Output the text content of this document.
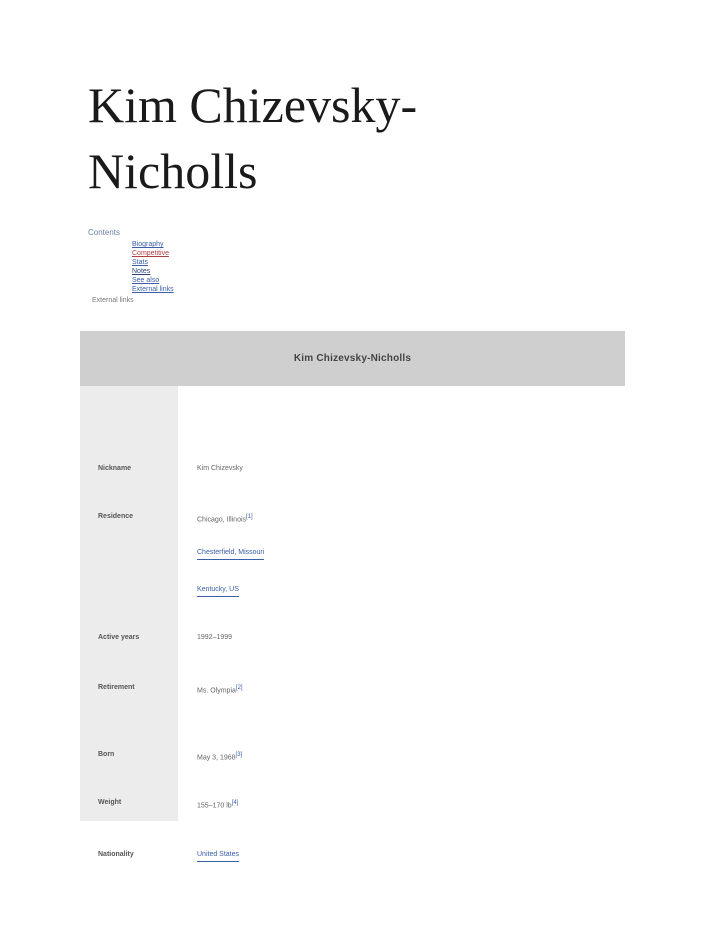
Kim Chizevsky-Nicholls
Contents
Biography
Competitive
Stats
Notes
See also
External links
External links
Kim Chizevsky-Nicholls
Nickname
Residence
Active years
Retirement
Born
Weight
Nationality
Kim Chizevsky
Chicago, Illinois[1]
Chesterfield, Missouri
Kentucky, US
1992–1999
Ms. Olympia[2]
May 3, 1968[3]
155–170 lb[4]
United States
